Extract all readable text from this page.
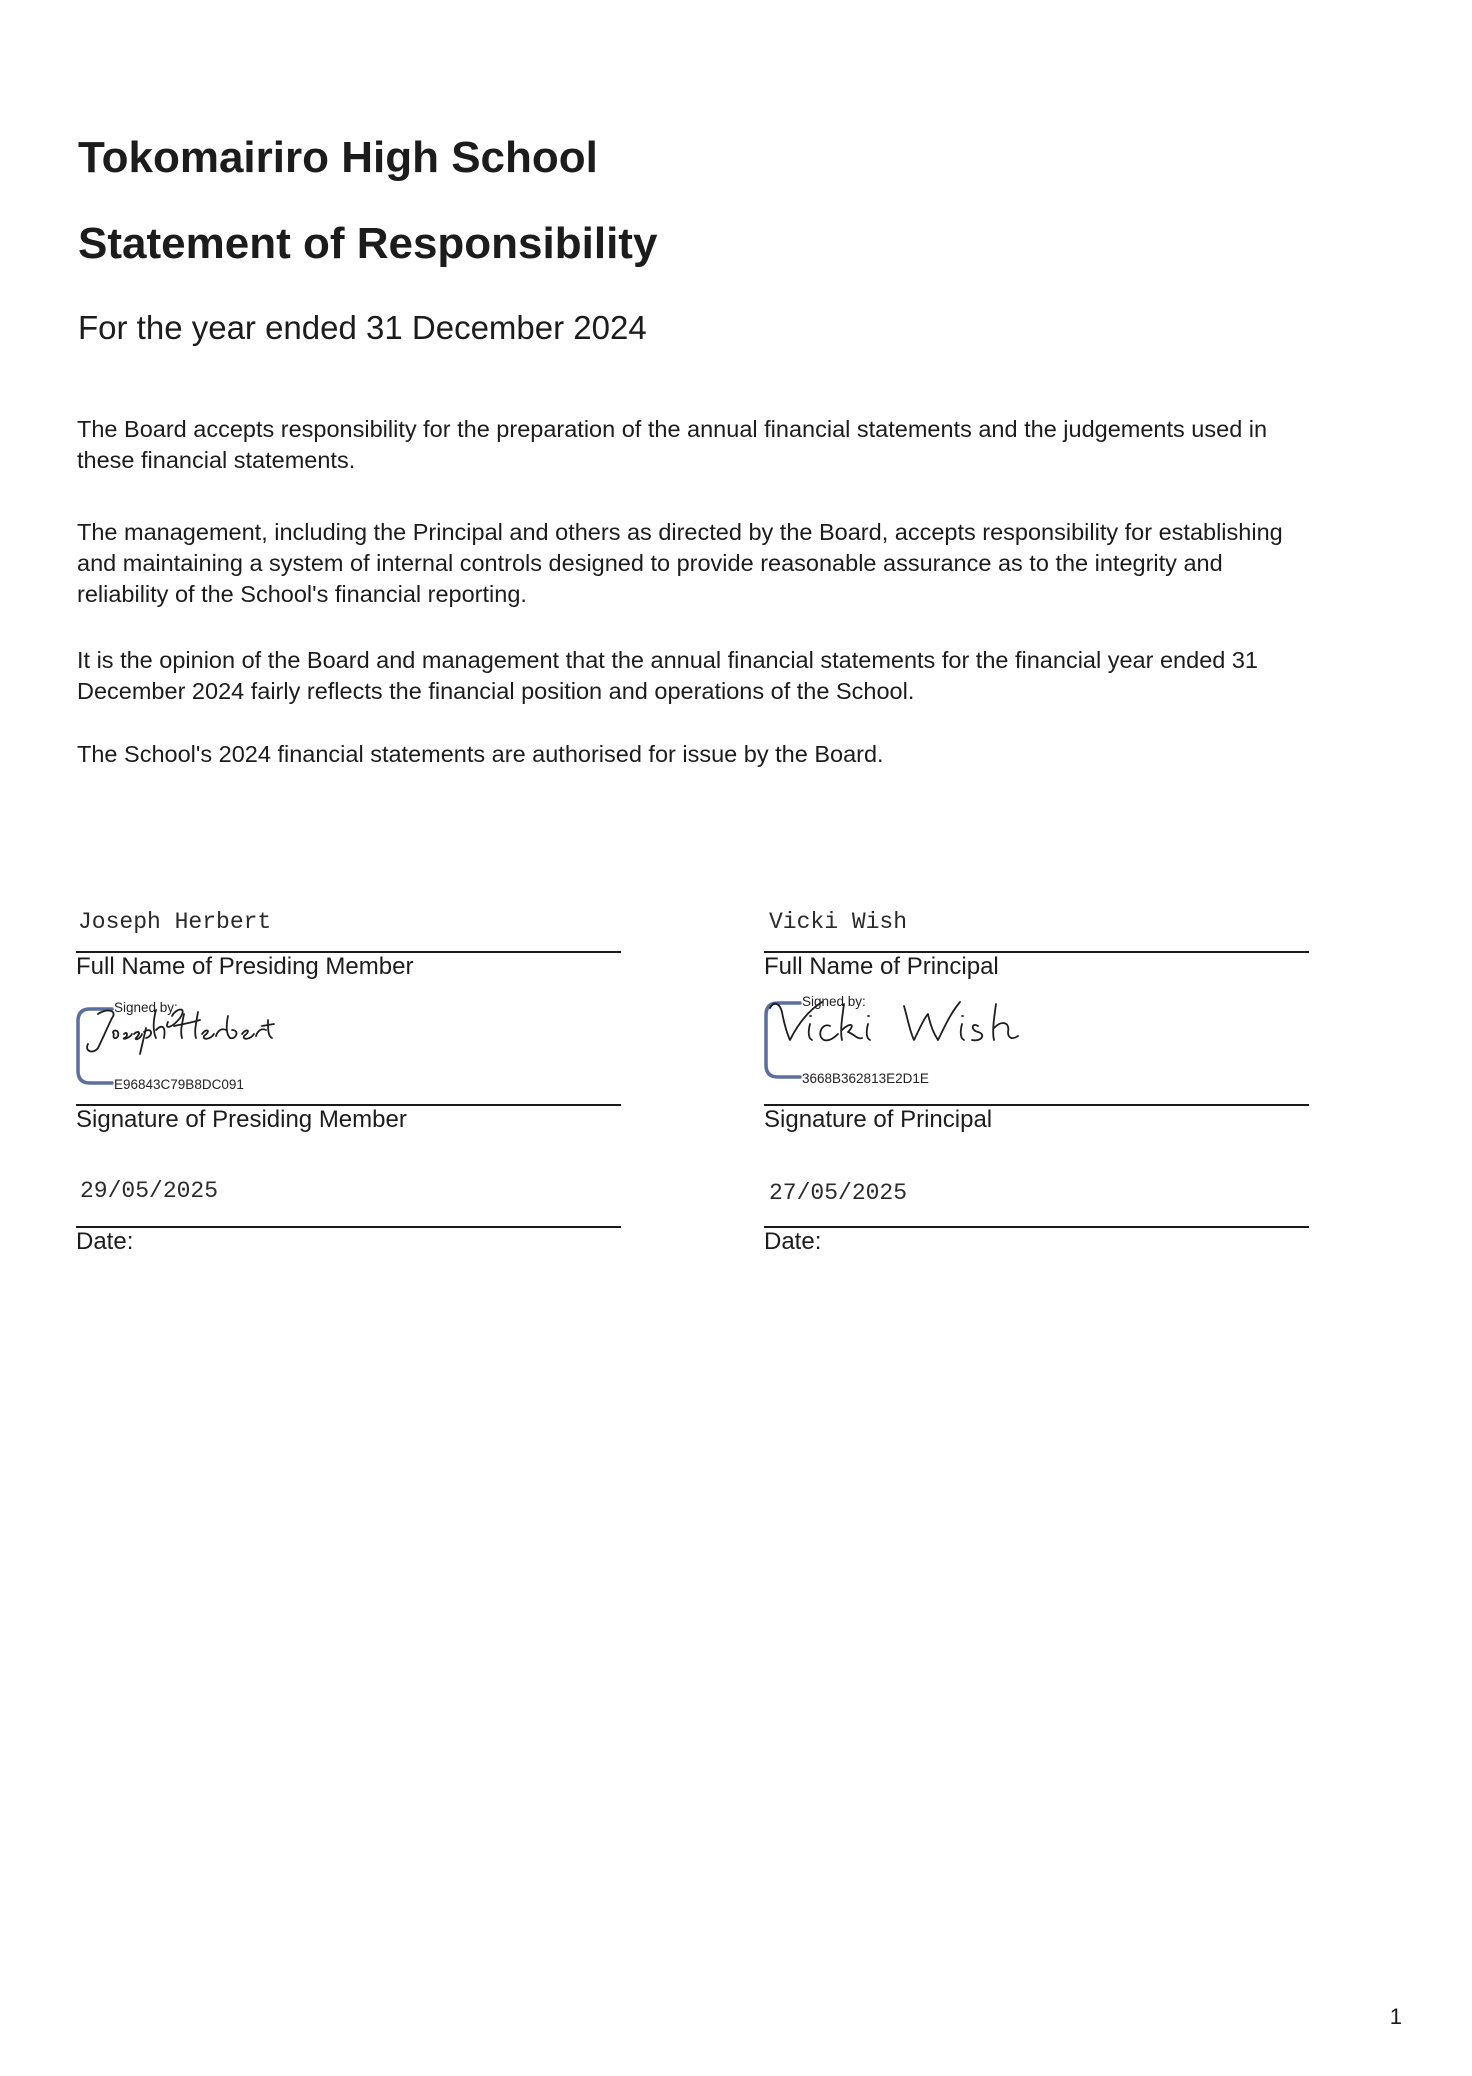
Tokomairiro High School
Statement of Responsibility

For the year ended 31 December 2024

The Board accepts responsibility for the preparation of the annual financial statements and the judgements used in these financial statements.

The management, including the Principal and others as directed by the Board, accepts responsibility for establishing and maintaining a system of internal controls designed to provide reasonable assurance as to the integrity and reliability of the School's financial reporting.

It is the opinion of the Board and management that the annual financial statements for the financial year ended 31 December 2024 fairly reflects the financial position and operations of the School.

The School's 2024 financial statements are authorised for issue by the Board.

Joseph Herbert
Full Name of Presiding Member
Signed by:
E96843C79B8DC091
Signature of Presiding Member
29/05/2025
Date:
Vicki Wish
Full Name of Principal
Signed by:
3668B362813E2D1E
Signature of Principal
27/05/2025
Date:
1
